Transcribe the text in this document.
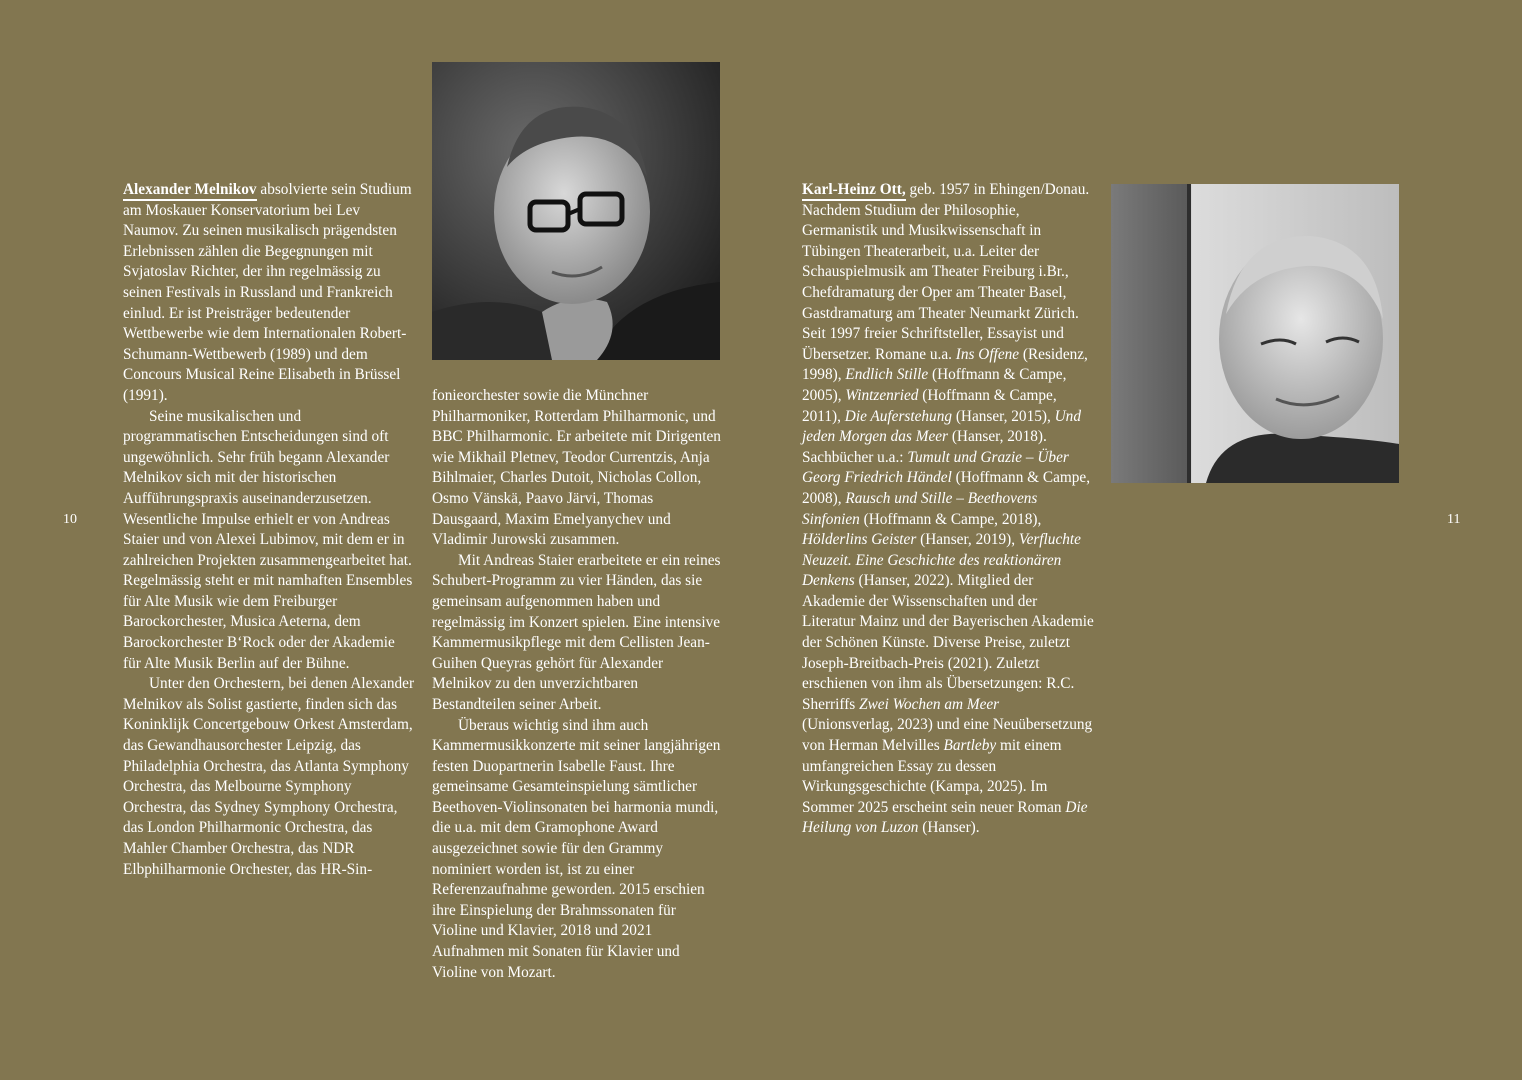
10	11

Alexander Melnikov absolvierte sein Studium am Moskauer Konservatorium bei Lev Naumov. Zu seinen musikalisch prägendsten Erlebnissen zählen die Begegnungen mit Svjatoslav Richter, der ihn regelmässig zu seinen Festivals in Russland und Frankreich einlud. Er ist Preisträger bedeutender Wettbewerbe wie dem Internationalen Robert-Schumann-Wettbewerb (1989) und dem Concours Musical Reine Elisabeth in Brüssel (1991).

Seine musikalischen und programmatischen Entscheidungen sind oft ungewöhnlich. Sehr früh begann Alexander Melnikov sich mit der historischen Aufführungspraxis auseinanderzusetzen. Wesentliche Impulse erhielt er von Andreas Staier und von Alexei Lubimov, mit dem er in zahlreichen Projekten zusammengearbeitet hat. Regelmässig steht er mit namhaften Ensembles für Alte Musik wie dem Freiburger Barockorchester, Musica Aeterna, dem Barockorchester B‘Rock oder der Akademie für Alte Musik Berlin auf der Bühne.

Unter den Orchestern, bei denen Alexander Melnikov als Solist gastierte, finden sich das Koninklijk Concertgebouw Orkest Amsterdam, das Gewandhausorchester Leipzig, das Philadelphia Orchestra, das Atlanta Symphony Orchestra, das Melbourne Symphony Orchestra, das Sydney Symphony Orchestra, das London Philharmonic Orchestra, das Mahler Chamber Orchestra, das NDR Elbphilharmonie Orchester, das HR-Sin-

fonieorchester sowie die Münchner Philharmoniker, Rotterdam Philharmonic, und BBC Philharmonic. Er arbeitete mit Dirigenten wie Mikhail Pletnev, Teodor Currentzis, Anja Bihlmaier, Charles Dutoit, Nicholas Collon, Osmo Vänskä, Paavo Järvi, Thomas Dausgaard, Maxim Emelyanychev und Vladimir Jurowski zusammen.

Mit Andreas Staier erarbeitete er ein reines Schubert-Programm zu vier Händen, das sie gemeinsam aufgenommen haben und regelmässig im Konzert spielen. Eine intensive Kammermusikpflege mit dem Cellisten Jean-Guihen Queyras gehört für Alexander Melnikov zu den unverzichtbaren Bestandteilen seiner Arbeit.

Überaus wichtig sind ihm auch Kammermusikkonzerte mit seiner langjährigen festen Duopartnerin Isabelle Faust. Ihre gemeinsame Gesamteinspielung sämtlicher Beethoven-Violinsonaten bei harmonia mundi, die u.a. mit dem Gramophone Award ausgezeichnet sowie für den Grammy nominiert worden ist, ist zu einer Referenzaufnahme geworden. 2015 erschien ihre Einspielung der Brahmssonaten für Violine und Klavier, 2018 und 2021 Aufnahmen mit Sonaten für Klavier und Violine von Mozart.

Karl-Heinz Ott, geb. 1957 in Ehingen/Donau. Nachdem Studium der Philosophie, Germanistik und Musikwissenschaft in Tübingen Theaterarbeit, u.a. Leiter der Schauspielmusik am Theater Freiburg i.Br., Chefdramaturg der Oper am Theater Basel, Gastdramaturg am Theater Neumarkt Zürich. Seit 1997 freier Schriftsteller, Essayist und Übersetzer. Romane u.a. Ins Offene (Residenz, 1998), Endlich Stille (Hoffmann & Campe, 2005), Wintzenried (Hoffmann & Campe, 2011), Die Auferstehung (Hanser, 2015), Und jeden Morgen das Meer (Hanser, 2018). Sachbücher u.a.: Tumult und Grazie – Über Georg Friedrich Händel (Hoffmann & Campe, 2008), Rausch und Stille – Beethovens Sinfonien (Hoffmann & Campe, 2018), Hölderlins Geister (Hanser, 2019), Verfluchte Neuzeit. Eine Geschichte des reaktionären Denkens (Hanser, 2022). Mitglied der Akademie der Wissenschaften und der Literatur Mainz und der Bayerischen Akademie der Schönen Künste. Diverse Preise, zuletzt Joseph-Breitbach-Preis (2021). Zuletzt erschienen von ihm als Übersetzungen: R.C. Sherriffs Zwei Wochen am Meer (Unionsverlag, 2023) und eine Neuübersetzung von Herman Melvilles Bartleby mit einem umfangreichen Essay zu dessen Wirkungsgeschichte (Kampa, 2025). Im Sommer 2025 erscheint sein neuer Roman Die Heilung von Luzon (Hanser).
